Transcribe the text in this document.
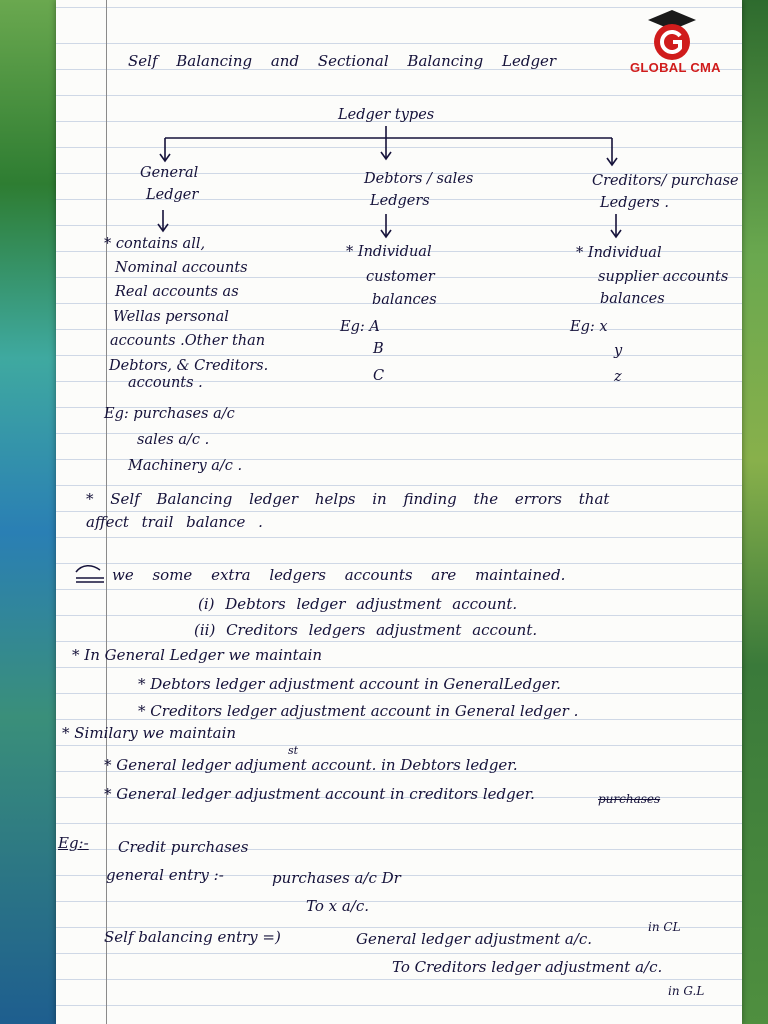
GLOBAL CMA
Self Balancing and Sectional Balancing Ledger
Ledger types
General
Ledger
Debtors / sales
Ledgers
Creditors/ purchase
Ledgers .
* contains all,
Nominal accounts
Real accounts as
Wellas personal
accounts .Other than
Debtors, & Creditors.
accounts .
* Individual
customer
balances
Eg: A
B
C
* Individual
supplier accounts
balances
Eg: x
y
z
Eg: purchases a/c
sales a/c .
Machinery a/c .
* Self Balancing ledger helps in finding the errors that
affect trail balance .
we some extra ledgers accounts are maintained.
(i) Debtors ledger adjustment account.
(ii) Creditors ledgers adjustment account.
* In General Ledger we maintain
* Debtors ledger adjustment account in GeneralLedger.
* Creditors ledger adjustment account in General ledger .
* Similary we maintain
st
* General ledger adjument account. in Debtors ledger.
* General ledger adjustment account in creditors ledger.	purchases
Eg:- Credit purchases
general entry :-	purchases a/c Dr
To x a/c.
in CL
Self balancing entry =)	General ledger adjustment a/c.
To Creditors ledger adjustment a/c.
in G.L
